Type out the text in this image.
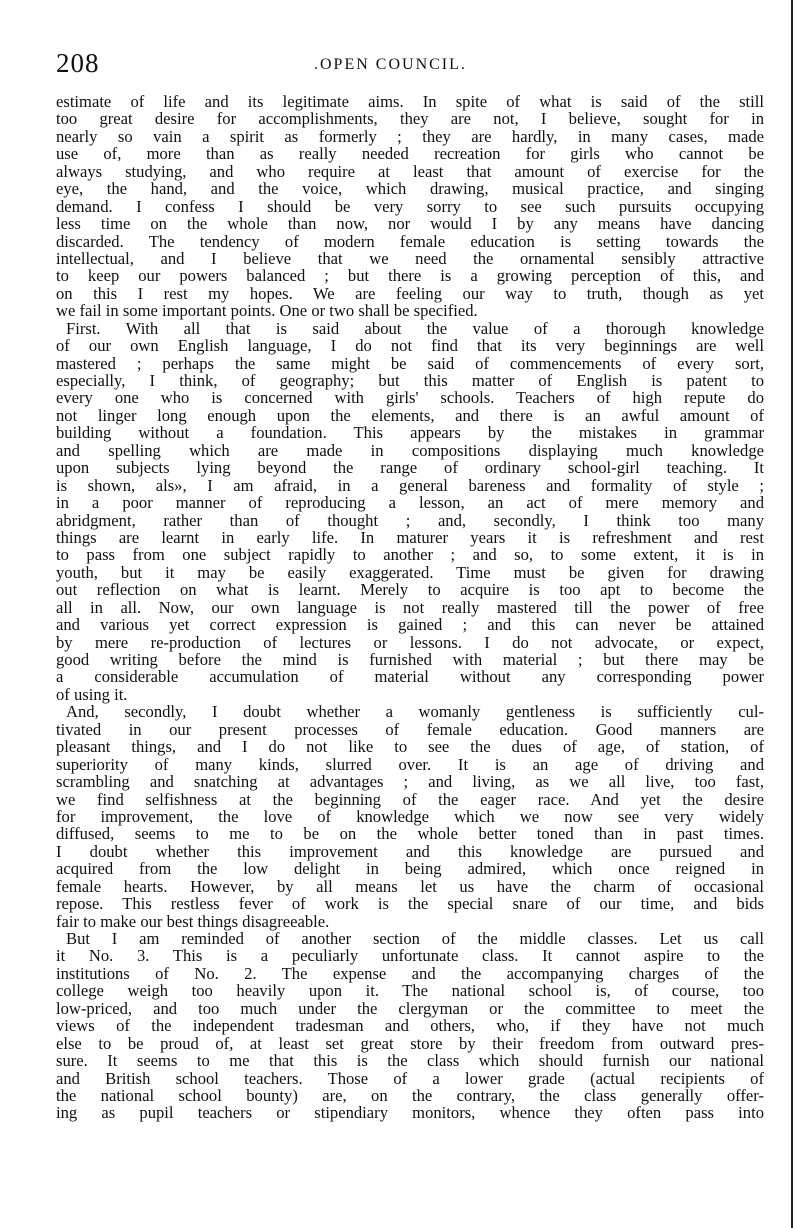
208	.OPEN COUNCIL.
estimate of life and its legitimate aims. In spite of what is said of the still
too great desire for accomplishments, they are not, I believe, sought for in
nearly so vain a spirit as formerly ; they are hardly, in many cases, made
use of, more than as really needed recreation for girls who cannot be
always studying, and who require at least that amount of exercise for the
eye, the hand, and the voice, which drawing, musical practice, and singing
demand. I confess I should be very sorry to see such pursuits occupying
less time on the whole than now, nor would I by any means have dancing
discarded. The tendency of modern female education is setting towards the
intellectual, and I believe that we need the ornamental sensibly attractive
to keep our powers balanced ; but there is a growing perception of this, and
on this I rest my hopes. We are feeling our way to truth, though as yet
we fail in some important points. One or two shall be specified.
First. With all that is said about the value of a thorough knowledge
of our own English language, I do not find that its very beginnings are well
mastered ; perhaps the same might be said of commencements of every sort,
especially, I think, of geography; but this matter of English is patent to
every one who is concerned with girls' schools. Teachers of high repute do
not linger long enough upon the elements, and there is an awful amount of
building without a foundation. This appears by the mistakes in grammar
and spelling which are made in compositions displaying much knowledge
upon subjects lying beyond the range of ordinary school-girl teaching. It
is shown, als», I am afraid, in a general bareness and formality of style ;
in a poor manner of reproducing a lesson, an act of mere memory and
abridgment, rather than of thought ; and, secondly, I think too many
things are learnt in early life. In maturer years it is refreshment and rest
to pass from one subject rapidly to another ; and so, to some extent, it is in
youth, but it may be easily exaggerated. Time must be given for drawing
out reflection on what is learnt. Merely to acquire is too apt to become the
all in all. Now, our own language is not really mastered till the power of free
and various yet correct expression is gained ; and this can never be attained
by mere re-production of lectures or lessons. I do not advocate, or expect,
good writing before the mind is furnished with material ; but there may be
a considerable accumulation of material without any corresponding power
of using it.
And, secondly, I doubt whether a womanly gentleness is sufficiently cul-
tivated in our present processes of female education. Good manners are
pleasant things, and I do not like to see the dues of age, of station, of
superiority of many kinds, slurred over. It is an age of driving and
scrambling and snatching at advantages ; and living, as we all live, too fast,
we find selfishness at the beginning of the eager race. And yet the desire
for improvement, the love of knowledge which we now see very widely
diffused, seems to me to be on the whole better toned than in past times.
I doubt whether this improvement and this knowledge are pursued and
acquired from the low delight in being admired, which once reigned in
female hearts. However, by all means let us have the charm of occasional
repose. This restless fever of work is the special snare of our time, and bids
fair to make our best things disagreeable.
But I am reminded of another section of the middle classes. Let us call
it No. 3. This is a peculiarly unfortunate class. It cannot aspire to the
institutions of No. 2. The expense and the accompanying charges of the
college weigh too heavily upon it. The national school is, of course, too
low-priced, and too much under the clergyman or the committee to meet the
views of the independent tradesman and others, who, if they have not much
else to be proud of, at least set great store by their freedom from outward pres-
sure. It seems to me that this is the class which should furnish our national
and British school teachers. Those of a lower grade (actual recipients of
the national school bounty) are, on the contrary, the class generally offer-
ing as pupil teachers or stipendiary monitors, whence they often pass into
